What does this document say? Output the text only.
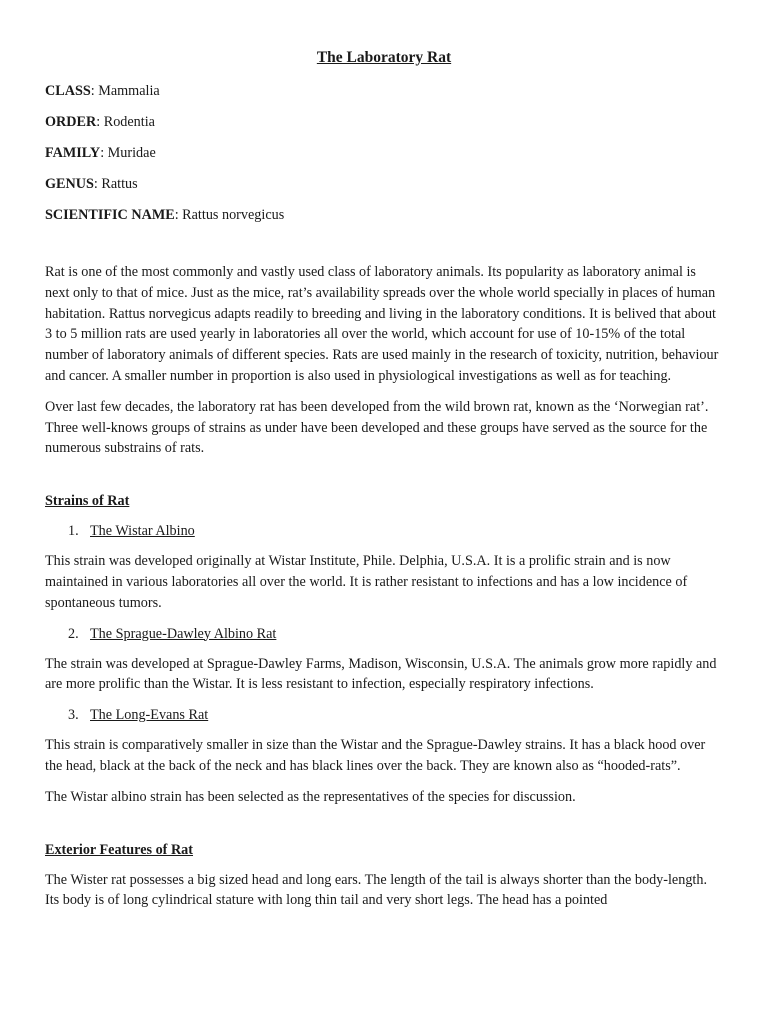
The Laboratory Rat
CLASS: Mammalia
ORDER: Rodentia
FAMILY: Muridae
GENUS: Rattus
SCIENTIFIC NAME: Rattus norvegicus

Rat is one of the most commonly and vastly used class of laboratory animals. Its popularity as laboratory animal is next only to that of mice. Just as the mice, rat’s availability spreads over the whole world specially in places of human habitation. Rattus norvegicus adapts readily to breeding and living in the laboratory conditions. It is belived that about 3 to 5 million rats are used yearly in laboratories all over the world, which account for use of 10-15% of the total number of laboratory animals of different species. Rats are used mainly in the research of toxicity, nutrition, behaviour and cancer. A smaller number in proportion is also used in physiological investigations as well as for teaching.

Over last few decades, the laboratory rat has been developed from the wild brown rat, known as the ‘Norwegian rat’. Three well-knows groups of strains as under have been developed and these groups have served as the source for the numerous substrains of rats.

Strains of Rat
1. The Wistar Albino

This strain was developed originally at Wistar Institute, Phile. Delphia, U.S.A. It is a prolific strain and is now maintained in various laboratories all over the world. It is rather resistant to infections and has a low incidence of spontaneous tumors.

2. The Sprague-Dawley Albino Rat

The strain was developed at Sprague-Dawley Farms, Madison, Wisconsin, U.S.A. The animals grow more rapidly and are more prolific than the Wistar. It is less resistant to infection, especially respiratory infections.

3. The Long-Evans Rat

This strain is comparatively smaller in size than the Wistar and the Sprague-Dawley strains. It has a black hood over the head, black at the back of the neck and has black lines over the back. They are known also as “hooded-rats”.

The Wistar albino strain has been selected as the representatives of the species for discussion.

Exterior Features of Rat

The Wister rat possesses a big sized head and long ears. The length of the tail is always shorter than the body-length. Its body is of long cylindrical stature with long thin tail and very short legs. The head has a pointed
